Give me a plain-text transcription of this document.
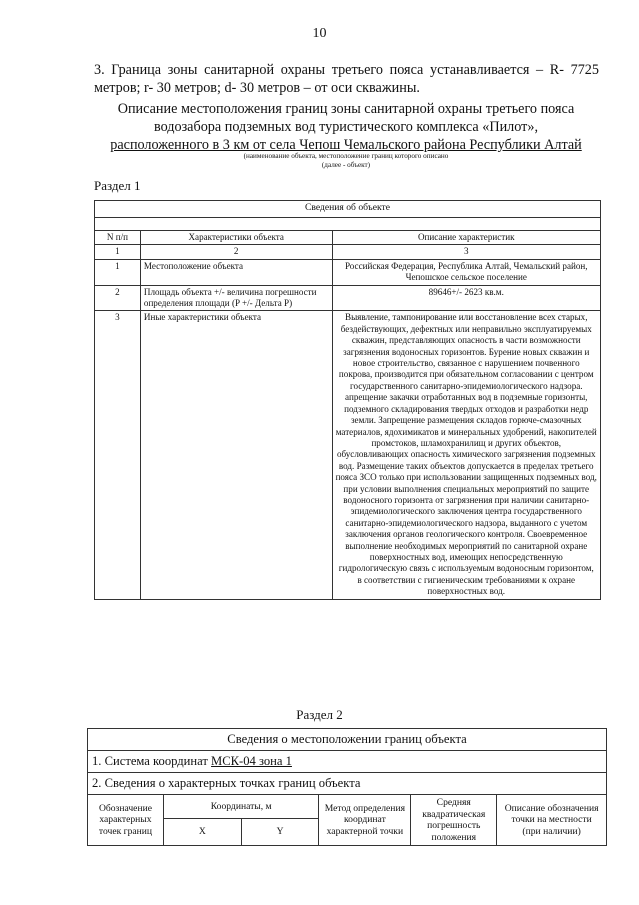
10
3. Граница зоны санитарной охраны третьего пояса устанавливается – R- 7725 метров; r- 30 метров; d- 30 метров – от оси скважины.
Описание местоположения границ зоны санитарной охраны третьего пояса
водозабора подземных вод туристического комплекса «Пилот»,
расположенного в 3 км от села Чепош Чемальского района Республики Алтай
(наименование объекта, местоположение границ которого описано
(далее - объект)
Раздел 1
Сведения об объекте		

N п/п	Характеристики объекта	Описание характеристик
1	2	3
1	Местоположение объекта	Российская Федерация, Республика Алтай, Чемальский район, Чепошское сельское поселение
2	Площадь объекта +/- величина погрешности определения площади (P +/- Дельта P)	89646+/- 2623 кв.м.
3	Иные характеристики объекта	Выявление, тампонирование или восстановление всех старых, бездействующих, дефектных или неправильно эксплуатируемых скважин, представляющих опасность в части возможности загрязнения водоносных горизонтов. Бурение новых скважин и новое строительство, связанное с нарушением почвенного покрова, производится при обязательном согласовании с центром государственного санитарно-эпидемиологического надзора. апрещение закачки отработанных вод в подземные горизонты, подземного складирования твердых отходов и разработки недр земли. Запрещение размещения складов горюче-смазочных материалов, ядохимикатов и минеральных удобрений, накопителей промстоков, шламохранилищ и других объектов, обусловливающих опасность химического загрязнения подземных вод. Размещение таких объектов допускается в пределах третьего пояса ЗСО только при использовании защищенных подземных вод, при условии выполнения специальных мероприятий по защите водоносного горизонта от загрязнения при наличии санитарно-эпидемиологического заключения центра государственного санитарно-эпидемиологического надзора, выданного с учетом заключения органов геологического контроля. Своевременное выполнение необходимых мероприятий по санитарной охране поверхностных вод, имеющих непосредственную гидрологическую связь с используемым водоносным горизонтом, в соответствии с гигиеническим требованиями к охране поверхностных вод.
Раздел 2
Сведения о местоположении границ объекта					
1. Система координат МСК-04 зона 1					
2. Сведения о характерных точках границ объекта					
Обозначение характерных точек границ	Координаты, м		Метод определения координат характерной точки	Средняя квадратическая погрешность положения	Описание обозначения точки на местности (при наличии)
	X	Y			
